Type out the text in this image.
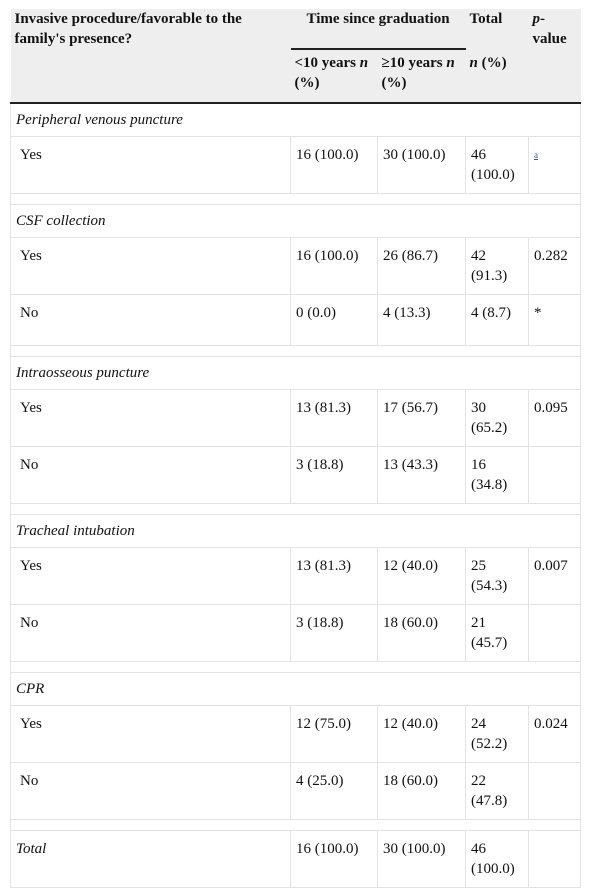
Invasive procedure/favorable to the family's presence?	Time since graduation		Total	p-value
	<10 years n (%)	≥10 years n (%)	n (%)	
Peripheral venous puncture				
Yes	16 (100.0)	30 (100.0)	46 (100.0)	$^a$

CSF collection				
Yes	16 (100.0)	26 (86.7)	42 (91.3)	0.282
No	0 (0.0)	4 (13.3)	4 (8.7)	*

Intraosseous puncture				
Yes	13 (81.3)	17 (56.7)	30 (65.2)	0.095
No	3 (18.8)	13 (43.3)	16 (34.8)	

Tracheal intubation				
Yes	13 (81.3)	12 (40.0)	25 (54.3)	0.007
No	3 (18.8)	18 (60.0)	21 (45.7)	

CPR				
Yes	12 (75.0)	12 (40.0)	24 (52.2)	0.024
No	4 (25.0)	18 (60.0)	22 (47.8)	

Total	16 (100.0)	30 (100.0)	46 (100.0)	
